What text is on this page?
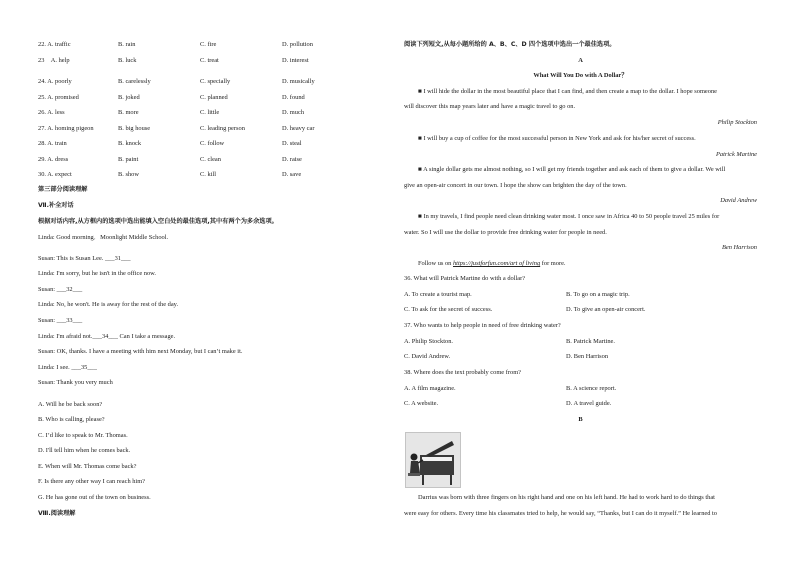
22. A. traffic	B. rain	C. fire	D. pollution
23　A. help	B. luck	C. treat	D. interest
24. A. poorly	B. carelessly	C. specially	D. musically
25. A. promised	B. joked	C. planned	D. found
26. A. less	B. more	C. little	D. much
27. A. homing pigeon	B. big house	C. leading person	D. heavy car
28. A. train	B. knock	C. follow	D. steal
29. A. dress	B. paint	C. clean	D. raise
30. A. expect	B. show	C. kill	D. save
第三部分阅读理解
Ⅶ.补全对话
根据对话内容,从方框内的选项中选出能填入空白处的最佳选项,其中有两个为多余选项。
Linda: Good morning．Moonlight Middle School.
Susan: This is Susan Lee. ___31___
Linda: I'm sorry, but he isn't in the office now.
Susan: ___32___
Linda: No, he won't. He is away for the rest of the day.
Susan: ___33___
Linda: I'm afraid not.___34___ Can I take a message.
Susan: OK, thanks. I have a meeting with him next Monday, but I can’t make it.
Linda: I see. ___35___
Susan: Thank you very much
A. Will he be back soon?
B. Who is calling, please?
C. I’d like to speak to Mr. Thomas.
D. I'll tell him when he comes back.
E. When will Mr. Thomas come back?
F. Is there any other way I can reach him?
G. He has gone out of the town on business.
Ⅷ.阅读理解
阅读下列短文,从每小题所给的 A、B、C、D 四个选项中选出一个最佳选项。
A
What Will You Do with A Dollar？
■ I will hide the dollar in the most beautiful place that I can find, and then create a map to the dollar. I hope someone
will discover this map years later and have a magic travel to go on.
Philip Stockton
■ I will buy a cup of coffee for the most successful person in New York and ask for his/her secret of success.
Patrick Martine
■ A single dollar gets me almost nothing, so I will get my friends together and ask each of them to give a dollar. We will
give an open-air concert in our town. I hope the show can brighten the day of the town.
David Andrew
■ In my travels, I find people need clean drinking water most. I once saw in Africa 40 to 50 people travel 25 miles for
water. So I will use the dollar to provide free drinking water for people in need.
Ben Harrison
Follow us on https://justforfun.com/art of living for more.
36. What will Patrick Martine do with a dollar?
A. To create a tourist map.	B. To go on a magic trip.
C. To ask for the secret of success.	D. To give an open-air concert.
37. Who wants to help people in need of free drinking water?
A. Philip Stockton.	B. Patrick Martine.
C. David Andrew.	D. Ben Harrison
38. Where does the text probably come from?
A. A film magazine.	B. A science report.
C. A website.	D. A travel guide.
B
Darrius was born with three fingers on his right hand and one on his left hand. He had to work hard to do things that
were easy for others. Every time his classmates tried to help, he would say, “Thanks, but I can do it myself.” He learned to
